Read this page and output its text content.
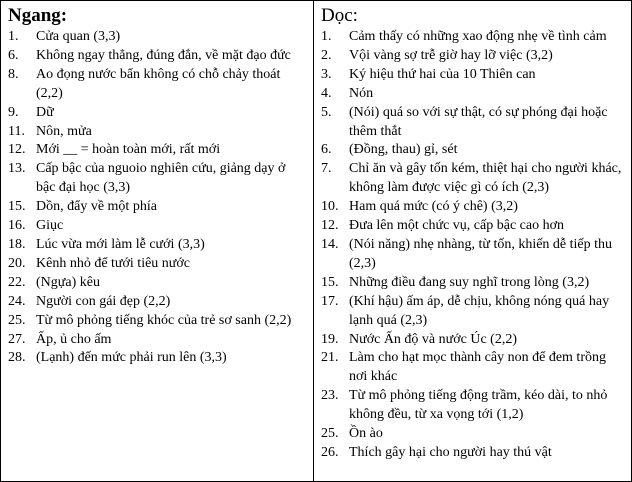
Ngang:
1.	Cửa quan (3,3)
6.	Không ngay thẳng, đúng đắn, về mặt đạo đức
8.	Ao đọng nước bẩn không có chỗ chảy thoát (2,2)
9.	Dữ
11. Nôn, mửa
12. Mới __ = hoàn toàn mới, rất mới
13. Cấp bậc của nguoio nghiên cứu, giảng dạy ở bậc đại học (3,3)
15. Dồn, đẩy về một phía
16. Giục
18. Lúc vừa mới làm lễ cưới (3,3)
20. Kênh nhỏ để tưới tiêu nước
22. (Ngựa) kêu
24. Người con gái đẹp (2,2)
25. Từ mô phỏng tiếng khóc của trẻ sơ sanh (2,2)
27. Ấp, ủ cho ấm
28. (Lạnh) đến mức phải run lên (3,3)
Dọc:
1.	Cảm thấy có những xao động nhẹ về tình cảm
2.	Vội vàng sợ trễ giờ hay lỡ việc (3,2)
3.	Ký hiệu thứ hai của 10 Thiên can
4.	Nón
5.	(Nói) quá so với sự thật, có sự phóng đại hoặc thêm thắt
6.	(Đồng, thau) gỉ, sét
7.	Chỉ ăn và gây tốn kém, thiệt hại cho người khác, không làm được việc gì có ích (2,3)
10. Ham quá mức (có ý chê) (3,2)
12. Đưa lên một chức vụ, cấp bậc cao hơn
14. (Nói năng) nhẹ nhàng, từ tốn, khiến dễ tiếp thu (2,3)
15. Những điều đang suy nghĩ trong lòng (3,2)
17. (Khí hậu) ấm áp, dễ chịu, không nóng quá hay lạnh quá (2,3)
19. Nước Ấn độ và nước Úc (2,2)
21. Làm cho hạt mọc thành cây non để đem trồng nơi khác
23. Từ mô phỏng tiếng động trầm, kéo dài, to nhỏ không đều, từ xa vọng tới (1,2)
25. Ồn ào
26. Thích gây hại cho người hay thú vật
